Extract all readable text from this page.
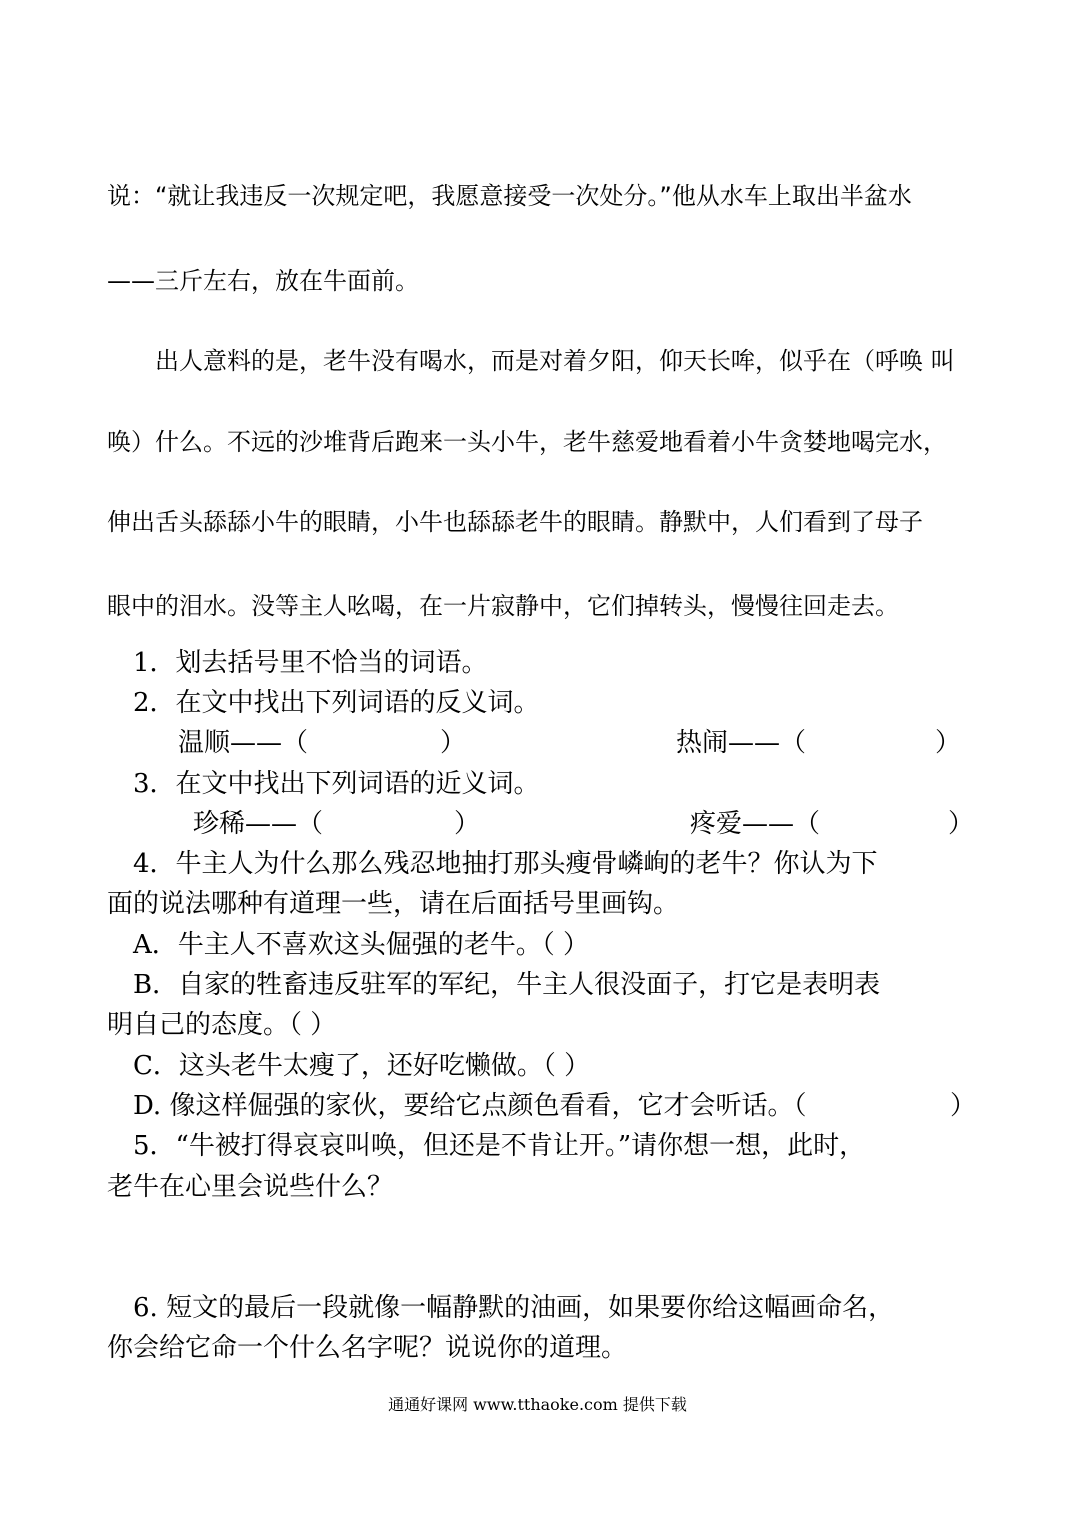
说：“就让我违反一次规定吧，我愿意接受一次处分。”他从水车上取出半盆水
——三斤左右，放在牛面前。
出人意料的是，老牛没有喝水，而是对着夕阳，仰天长哞，似乎在（呼唤 叫
唤）什么。不远的沙堆背后跑来一头小牛，老牛慈爱地看着小牛贪婪地喝完水，
伸出舌头舔舔小牛的眼睛，小牛也舔舔老牛的眼睛。静默中，人们看到了母子
眼中的泪水。没等主人吆喝，在一片寂静中，它们掉转头，慢慢往回走去。
1．划去括号里不恰当的词语。
2．在文中找出下列词语的反义词。
温顺——（	）	热闹——（	）
3．在文中找出下列词语的近义词。
珍稀——（	）	疼爱——（	）
4．牛主人为什么那么残忍地抽打那头瘦骨嶙峋的老牛？你认为下
面的说法哪种有道理一些，请在后面括号里画钩。
A．牛主人不喜欢这头倔强的老牛。（ ）
B．自家的牲畜违反驻军的军纪，牛主人很没面子，打它是表明表
明自己的态度。（ ）
C．这头老牛太瘦了，还好吃懒做。（ ）
D. 像这样倔强的家伙，要给它点颜色看看，它才会听话。（	）
5．“牛被打得哀哀叫唤，但还是不肯让开。”请你想一想，此时，
老牛在心里会说些什么？
6. 短文的最后一段就像一幅静默的油画，如果要你给这幅画命名，
你会给它命一个什么名字呢？说说你的道理。
通通好课网 www.tthaoke.com 提供下载
